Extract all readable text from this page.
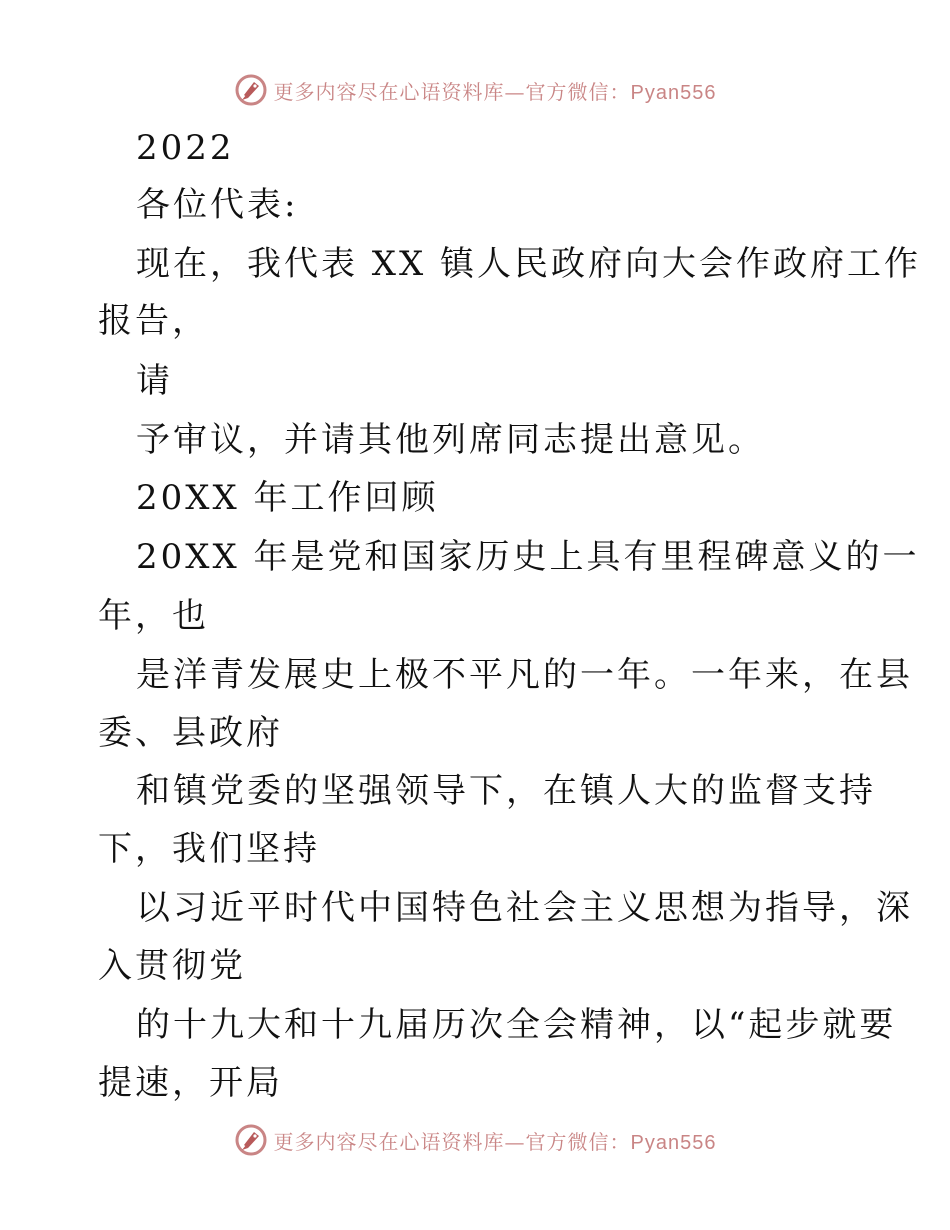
更多内容尽在心语资料库—官方微信：Pyan556
2022
各位代表:
现在，我代表 XX 镇人民政府向大会作政府工作
报告，
请
予审议，并请其他列席同志提出意见。
20XX 年工作回顾
20XX 年是党和国家历史上具有里程碑意义的一
年，也
是洋青发展史上极不平凡的一年。一年来，在县
委、县政府
和镇党委的坚强领导下，在镇人大的监督支持
下，我们坚持
以习近平时代中国特色社会主义思想为指导，深
入贯彻党
的十九大和十九届历次全会精神，以“起步就要
提速，开局
更多内容尽在心语资料库—官方微信：Pyan556
